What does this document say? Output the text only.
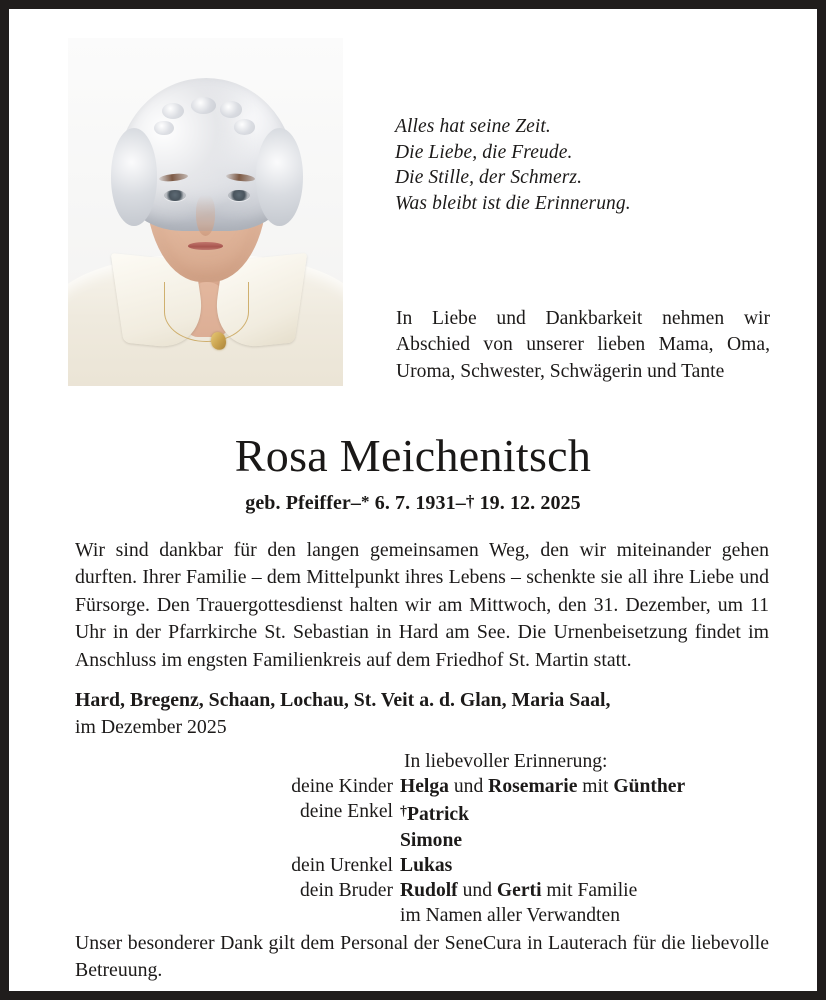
Alles hat seine Zeit.
Die Liebe, die Freude.
Die Stille, der Schmerz.
Was bleibt ist die Erinnerung.
In Liebe und Dankbarkeit nehmen wir Abschied von unserer lieben Mama, Oma, Uroma, Schwester, Schwägerin und Tante
Rosa Meichenitsch
geb. Pfeiffer–* 6. 7. 1931–† 19. 12. 2025
Wir sind dankbar für den langen gemeinsamen Weg, den wir miteinander gehen durften. Ihrer Familie – dem Mittelpunkt ihres Lebens – schenkte sie all ihre Liebe und Fürsorge. Den Trauergottesdienst halten wir am Mittwoch, den 31. Dezember, um 11 Uhr in der Pfarrkirche St. Sebastian in Hard am See. Die Urnenbeisetzung findet im Anschluss im engsten Familienkreis auf dem Friedhof St. Martin statt.
Hard, Bregenz, Schaan, Lochau, St. Veit a. d. Glan, Maria Saal,
im Dezember 2025
In liebevoller Erinnerung:
deine Kinder Helga und Rosemarie mit Günther
deine Enkel †Patrick
Simone
dein Urenkel Lukas
dein Bruder Rudolf und Gerti mit Familie
im Namen aller Verwandten
Unser besonderer Dank gilt dem Personal der SeneCura in Lauterach für die liebevolle Betreuung.
